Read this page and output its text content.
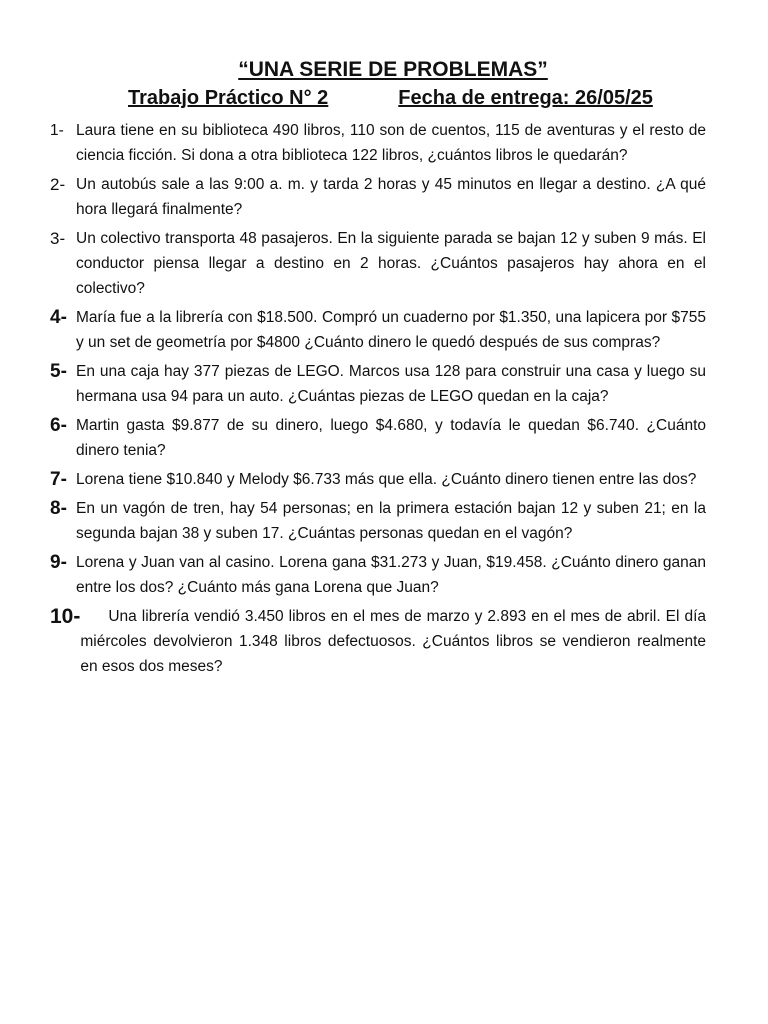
“UNA SERIE DE PROBLEMAS”
Trabajo Práctico N° 2	Fecha de entrega: 26/05/25
1- Laura tiene en su biblioteca 490 libros, 110 son de cuentos, 115 de aventuras y el resto de ciencia ficción. Si dona a otra biblioteca 122 libros, ¿cuántos libros le quedarán?
2- Un autobús sale a las 9:00 a. m. y tarda 2 horas y 45 minutos en llegar a destino. ¿A qué hora llegará finalmente?
3- Un colectivo transporta 48 pasajeros. En la siguiente parada se bajan 12 y suben 9 más. El conductor piensa llegar a destino en 2 horas. ¿Cuántos pasajeros hay ahora en el colectivo?
4- María fue a la librería con $18.500. Compró un cuaderno por $1.350, una lapicera por $755 y un set de geometría por $4800 ¿Cuánto dinero le quedó después de sus compras?
5- En una caja hay 377 piezas de LEGO. Marcos usa 128 para construir una casa y luego su hermana usa 94 para un auto. ¿Cuántas piezas de LEGO quedan en la caja?
6- Martin gasta $9.877 de su dinero, luego $4.680, y todavía le quedan $6.740. ¿Cuánto dinero tenia?
7- Lorena tiene $10.840 y Melody $6.733 más que ella. ¿Cuánto dinero tienen entre las dos?
8- En un vagón de tren, hay 54 personas; en la primera estación bajan 12 y suben 21; en la segunda bajan 38 y suben 17. ¿Cuántas personas quedan en el vagón?
9- Lorena y Juan van al casino. Lorena gana $31.273 y Juan, $19.458. ¿Cuánto dinero ganan entre los dos? ¿Cuánto más gana Lorena que Juan?
10-	Una librería vendió 3.450 libros en el mes de marzo y 2.893 en el mes de abril. El día miércoles devolvieron 1.348 libros defectuosos. ¿Cuántos libros se vendieron realmente en esos dos meses?
